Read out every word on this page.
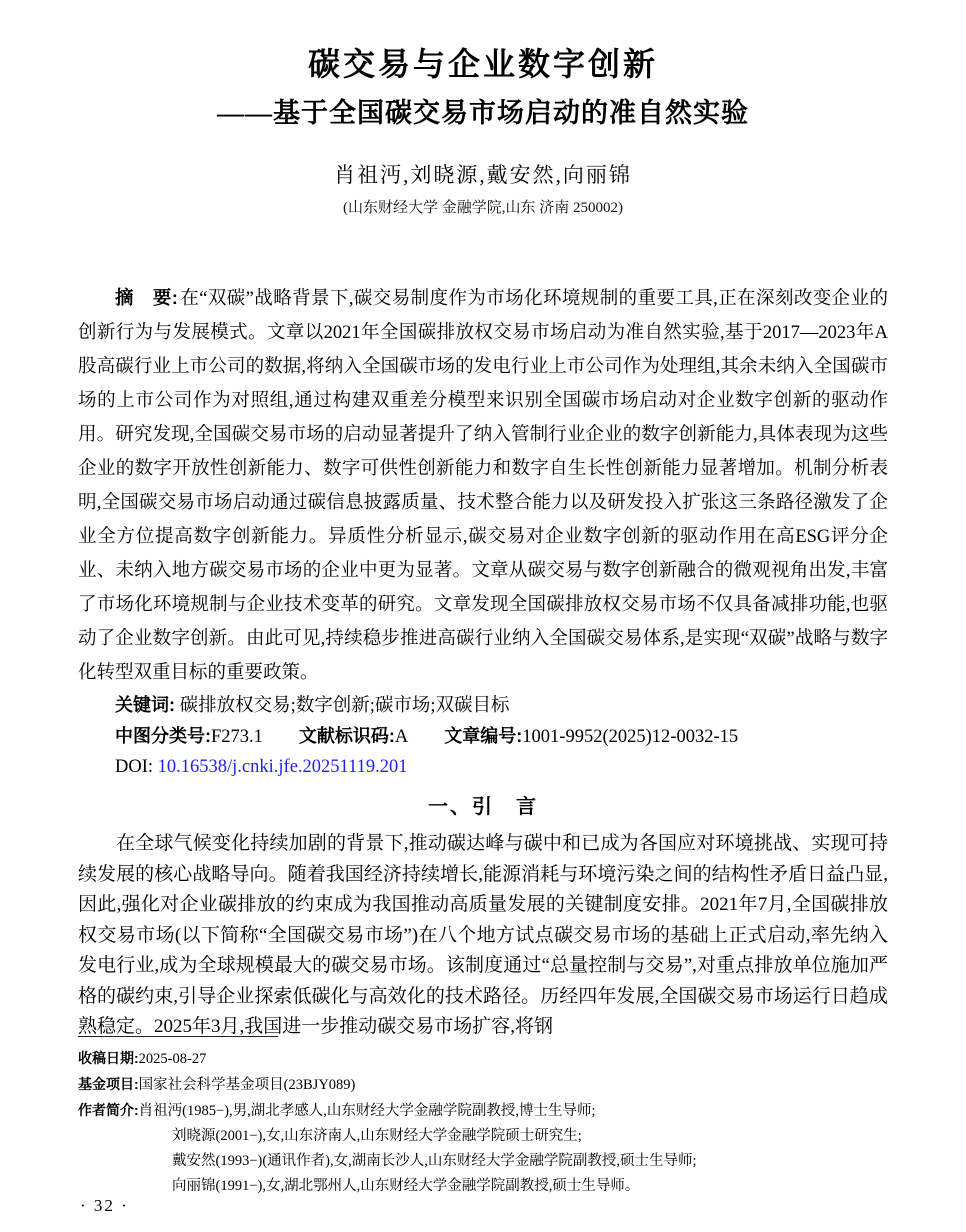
碳交易与企业数字创新
——基于全国碳交易市场启动的准自然实验
肖祖沔,刘晓源,戴安然,向丽锦
(山东财经大学 金融学院,山东 济南 250002)

摘　要: 在“双碳”战略背景下,碳交易制度作为市场化环境规制的重要工具,正在深刻改变企业的创新行为与发展模式。文章以2021年全国碳排放权交易市场启动为准自然实验,基于2017—2023年A股高碳行业上市公司的数据,将纳入全国碳市场的发电行业上市公司作为处理组,其余未纳入全国碳市场的上市公司作为对照组,通过构建双重差分模型来识别全国碳市场启动对企业数字创新的驱动作用。研究发现,全国碳交易市场的启动显著提升了纳入管制行业企业的数字创新能力,具体表现为这些企业的数字开放性创新能力、数字可供性创新能力和数字自生长性创新能力显著增加。机制分析表明,全国碳交易市场启动通过碳信息披露质量、技术整合能力以及研发投入扩张这三条路径激发了企业全方位提高数字创新能力。异质性分析显示,碳交易对企业数字创新的驱动作用在高ESG评分企业、未纳入地方碳交易市场的企业中更为显著。文章从碳交易与数字创新融合的微观视角出发,丰富了市场化环境规制与企业技术变革的研究。文章发现全国碳排放权交易市场不仅具备减排功能,也驱动了企业数字创新。由此可见,持续稳步推进高碳行业纳入全国碳交易体系,是实现“双碳”战略与数字化转型双重目标的重要政策。

关键词: 碳排放权交易;数字创新;碳市场;双碳目标

中图分类号:F273.1 文献标识码:A 文章编号:1001-9952(2025)12-0032-15

DOI: 10.16538/j.cnki.jfe.20251119.201

一、引　言

在全球气候变化持续加剧的背景下,推动碳达峰与碳中和已成为各国应对环境挑战、实现可持续发展的核心战略导向。随着我国经济持续增长,能源消耗与环境污染之间的结构性矛盾日益凸显,因此,强化对企业碳排放的约束成为我国推动高质量发展的关键制度安排。2021年7月,全国碳排放权交易市场(以下简称“全国碳交易市场”)在八个地方试点碳交易市场的基础上正式启动,率先纳入发电行业,成为全球规模最大的碳交易市场。该制度通过“总量控制与交易”,对重点排放单位施加严格的碳约束,引导企业探索低碳化与高效化的技术路径。历经四年发展,全国碳交易市场运行日趋成熟稳定。2025年3月,我国进一步推动碳交易市场扩容,将钢

收稿日期:2025-08-27

基金项目:国家社会科学基金项目(23BJY089)

作者简介:肖祖沔(1985−),男,湖北孝感人,山东财经大学金融学院副教授,博士生导师;

刘晓源(2001−),女,山东济南人,山东财经大学金融学院硕士研究生;

戴安然(1993−)(通讯作者),女,湖南长沙人,山东财经大学金融学院副教授,硕士生导师;

向丽锦(1991−),女,湖北鄂州人,山东财经大学金融学院副教授,硕士生导师。

· 32 ·
